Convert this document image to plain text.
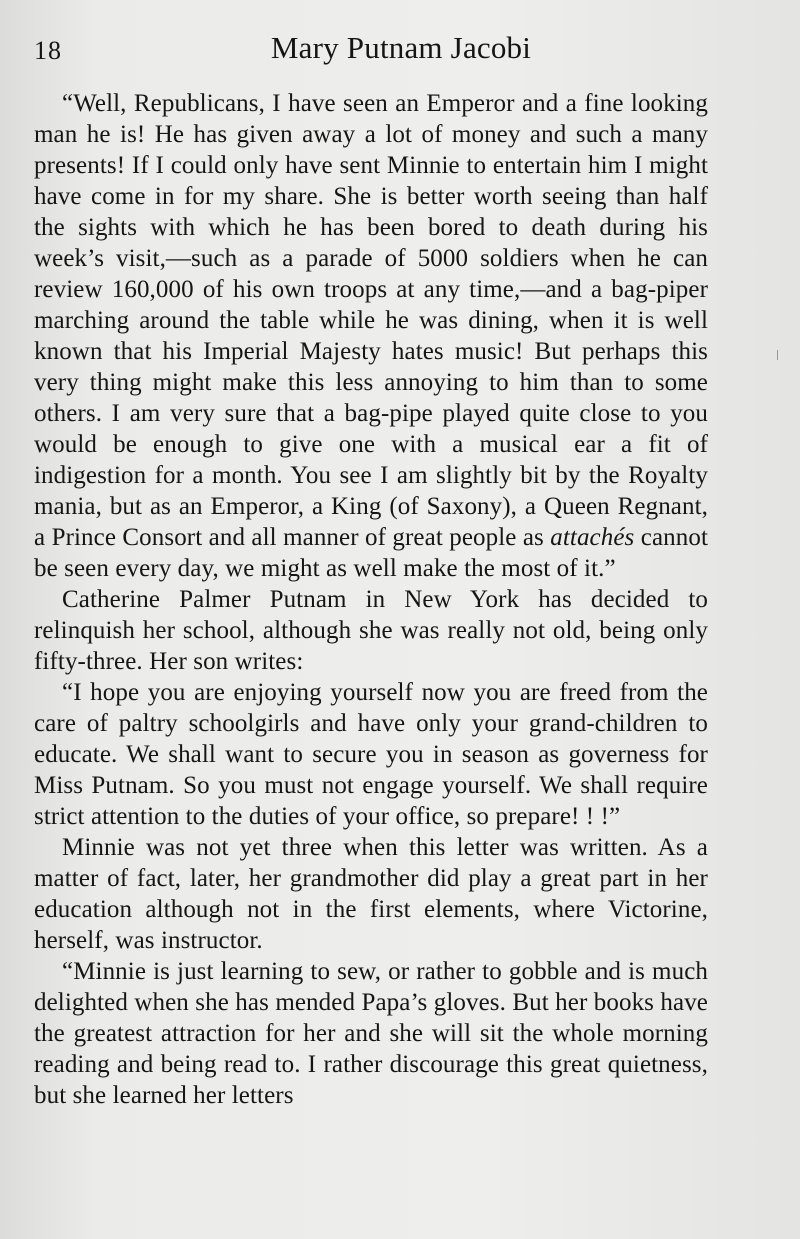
18	Mary Putnam Jacobi

“Well, Republicans, I have seen an Emperor and a fine looking man he is! He has given away a lot of money and such a many presents! If I could only have sent Minnie to entertain him I might have come in for my share. She is better worth seeing than half the sights with which he has been bored to death during his week’s visit,—such as a parade of 5000 soldiers when he can review 160,000 of his own troops at any time,—and a bag-piper marching around the table while he was dining, when it is well known that his Imperial Majesty hates music! But perhaps this very thing might make this less annoying to him than to some others. I am very sure that a bag-pipe played quite close to you would be enough to give one with a musical ear a fit of indigestion for a month. You see I am slightly bit by the Royalty mania, but as an Emperor, a King (of Saxony), a Queen Regnant, a Prince Consort and all manner of great people as attachés cannot be seen every day, we might as well make the most of it.”

Catherine Palmer Putnam in New York has decided to relinquish her school, although she was really not old, being only fifty-three. Her son writes:

“I hope you are enjoying yourself now you are freed from the care of paltry schoolgirls and have only your grand-children to educate. We shall want to secure you in season as governess for Miss Putnam. So you must not engage yourself. We shall require strict attention to the duties of your office, so prepare! ! !”

Minnie was not yet three when this letter was written. As a matter of fact, later, her grandmother did play a great part in her education although not in the first elements, where Victorine, herself, was instructor.

“Minnie is just learning to sew, or rather to gobble and is much delighted when she has mended Papa’s gloves. But her books have the greatest attraction for her and she will sit the whole morning reading and being read to. I rather discourage this great quietness, but she learned her letters
